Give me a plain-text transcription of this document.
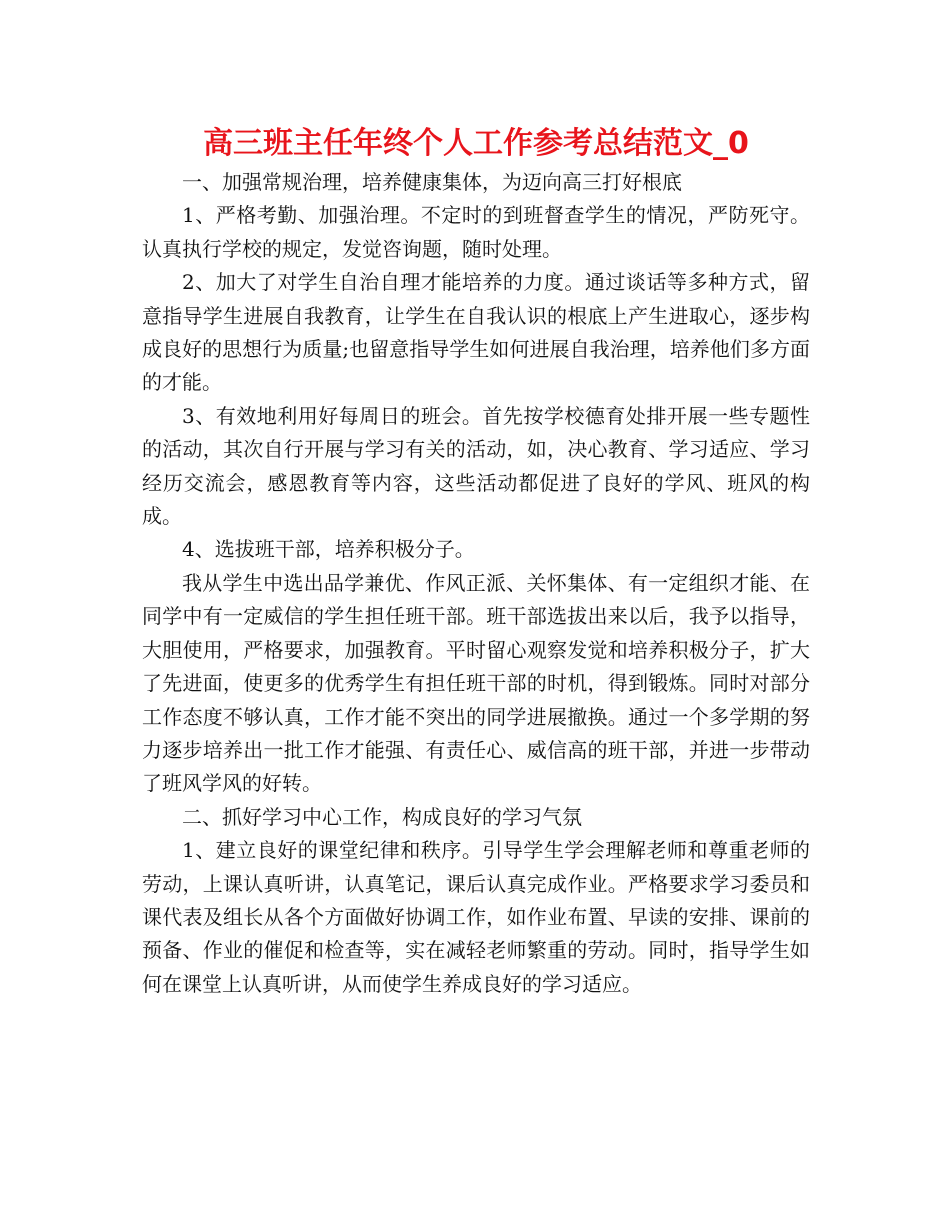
高三班主任年终个人工作参考总结范文_0

一、加强常规治理，培养健康集体，为迈向高三打好根底

1、严格考勤、加强治理。不定时的到班督查学生的情况，严防死守。认真执行学校的规定，发觉咨询题，随时处理。

2、加大了对学生自治自理才能培养的力度。通过谈话等多种方式，留意指导学生进展自我教育，让学生在自我认识的根底上产生进取心，逐步构成良好的思想行为质量;也留意指导学生如何进展自我治理，培养他们多方面的才能。

3、有效地利用好每周日的班会。首先按学校德育处排开展一些专题性的活动，其次自行开展与学习有关的活动，如，决心教育、学习适应、学习经历交流会，感恩教育等内容，这些活动都促进了良好的学风、班风的构成。

4、选拔班干部，培养积极分子。

我从学生中选出品学兼优、作风正派、关怀集体、有一定组织才能、在同学中有一定威信的学生担任班干部。班干部选拔出来以后，我予以指导，大胆使用，严格要求，加强教育。平时留心观察发觉和培养积极分子，扩大了先进面，使更多的优秀学生有担任班干部的时机，得到锻炼。同时对部分工作态度不够认真，工作才能不突出的同学进展撤换。通过一个多学期的努力逐步培养出一批工作才能强、有责任心、威信高的班干部，并进一步带动了班风学风的好转。

二、抓好学习中心工作，构成良好的学习气氛

1、建立良好的课堂纪律和秩序。引导学生学会理解老师和尊重老师的劳动，上课认真听讲，认真笔记，课后认真完成作业。严格要求学习委员和课代表及组长从各个方面做好协调工作，如作业布置、早读的安排、课前的预备、作业的催促和检查等，实在减轻老师繁重的劳动。同时，指导学生如何在课堂上认真听讲，从而使学生养成良好的学习适应。
